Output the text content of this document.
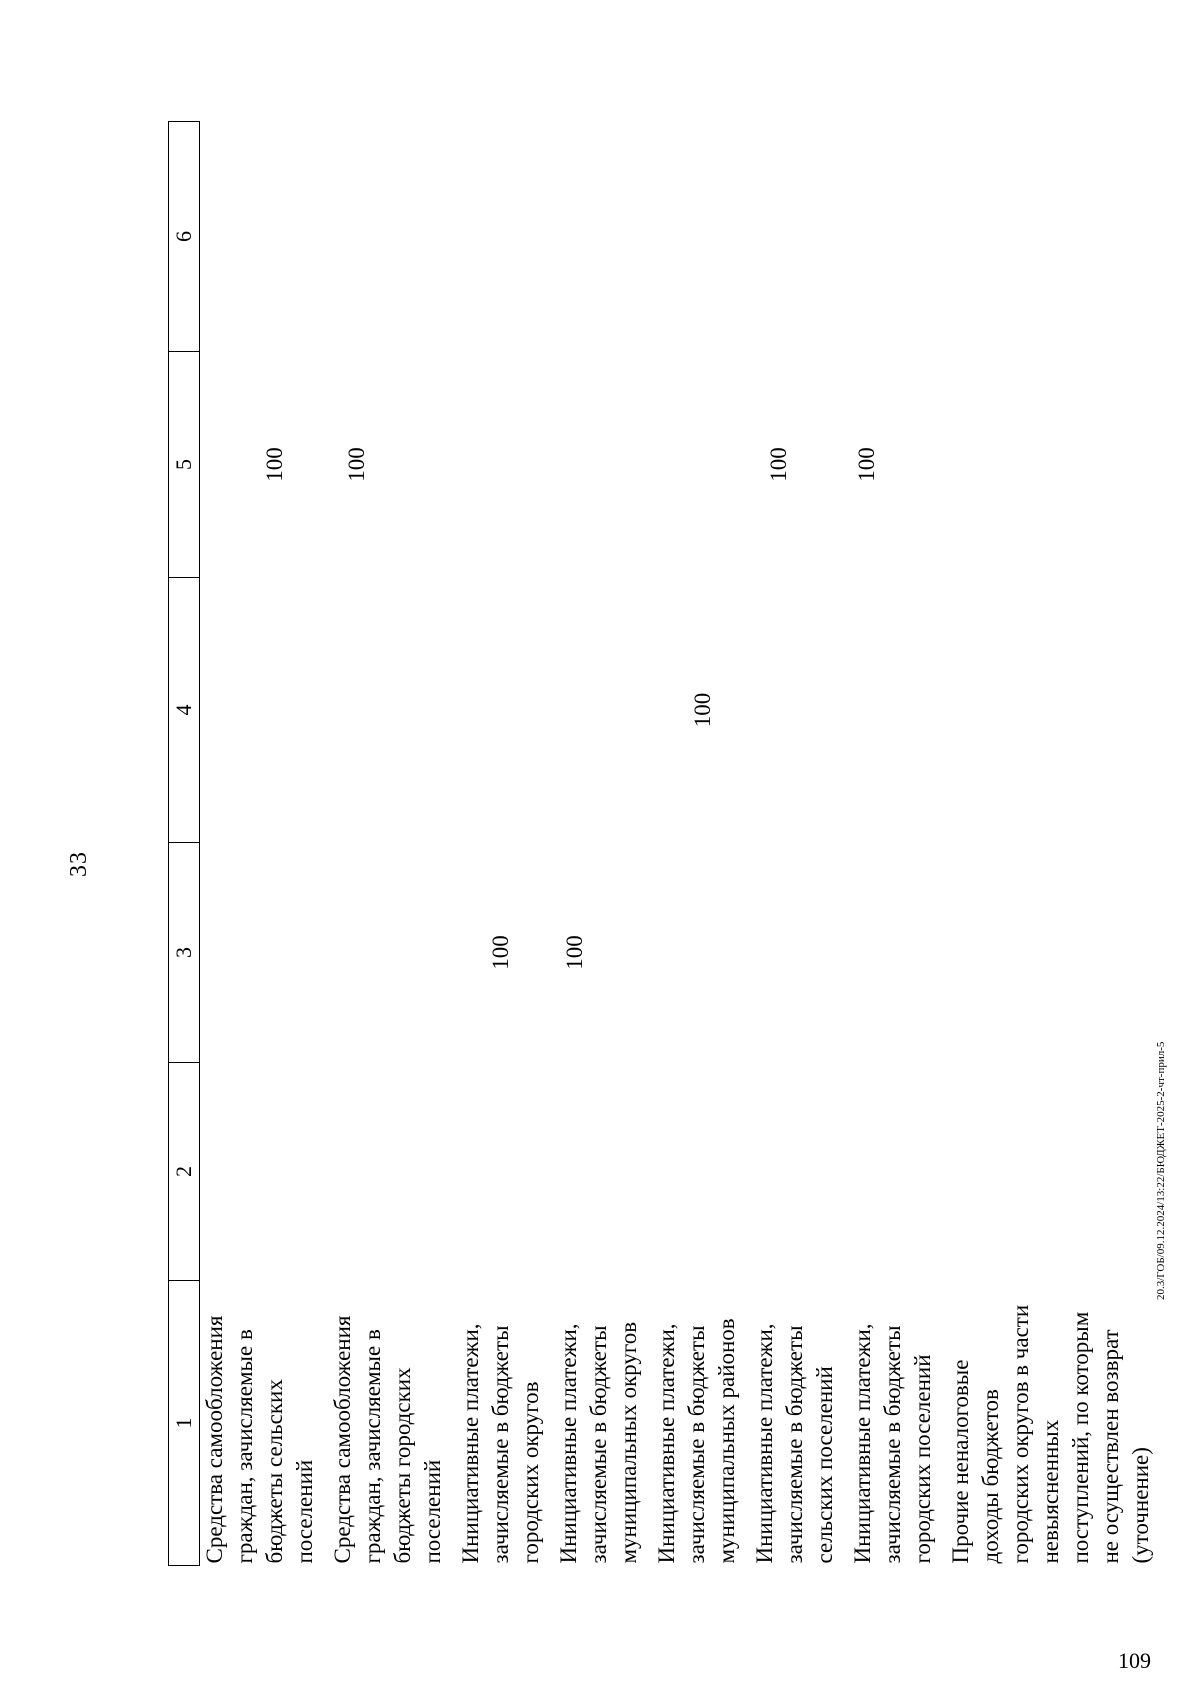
33
1	2	3	4	5	6
Средства самообложения граждан, зачисляемые в бюджеты сельских поселений				100	
Средства самообложения граждан, зачисляемые в бюджеты городских поселений				100	
Инициативные платежи, зачисляемые в бюджеты городских округов		100			
Инициативные платежи, зачисляемые в бюджеты муниципальных округов		100			
Инициативные платежи, зачисляемые в бюджеты муниципальных районов			100		
Инициативные платежи, зачисляемые в бюджеты сельских поселений				100	
Инициативные платежи, зачисляемые в бюджеты городских поселений				100	
Прочие неналоговые доходы бюджетов городских округов в части невыясненных поступлений, по которым не осуществлен возврат (уточнение)					
20.3/ГОБ/09.12.2024/13:22/БЮДЖЕТ-2025-2-чт-прил-5
109
